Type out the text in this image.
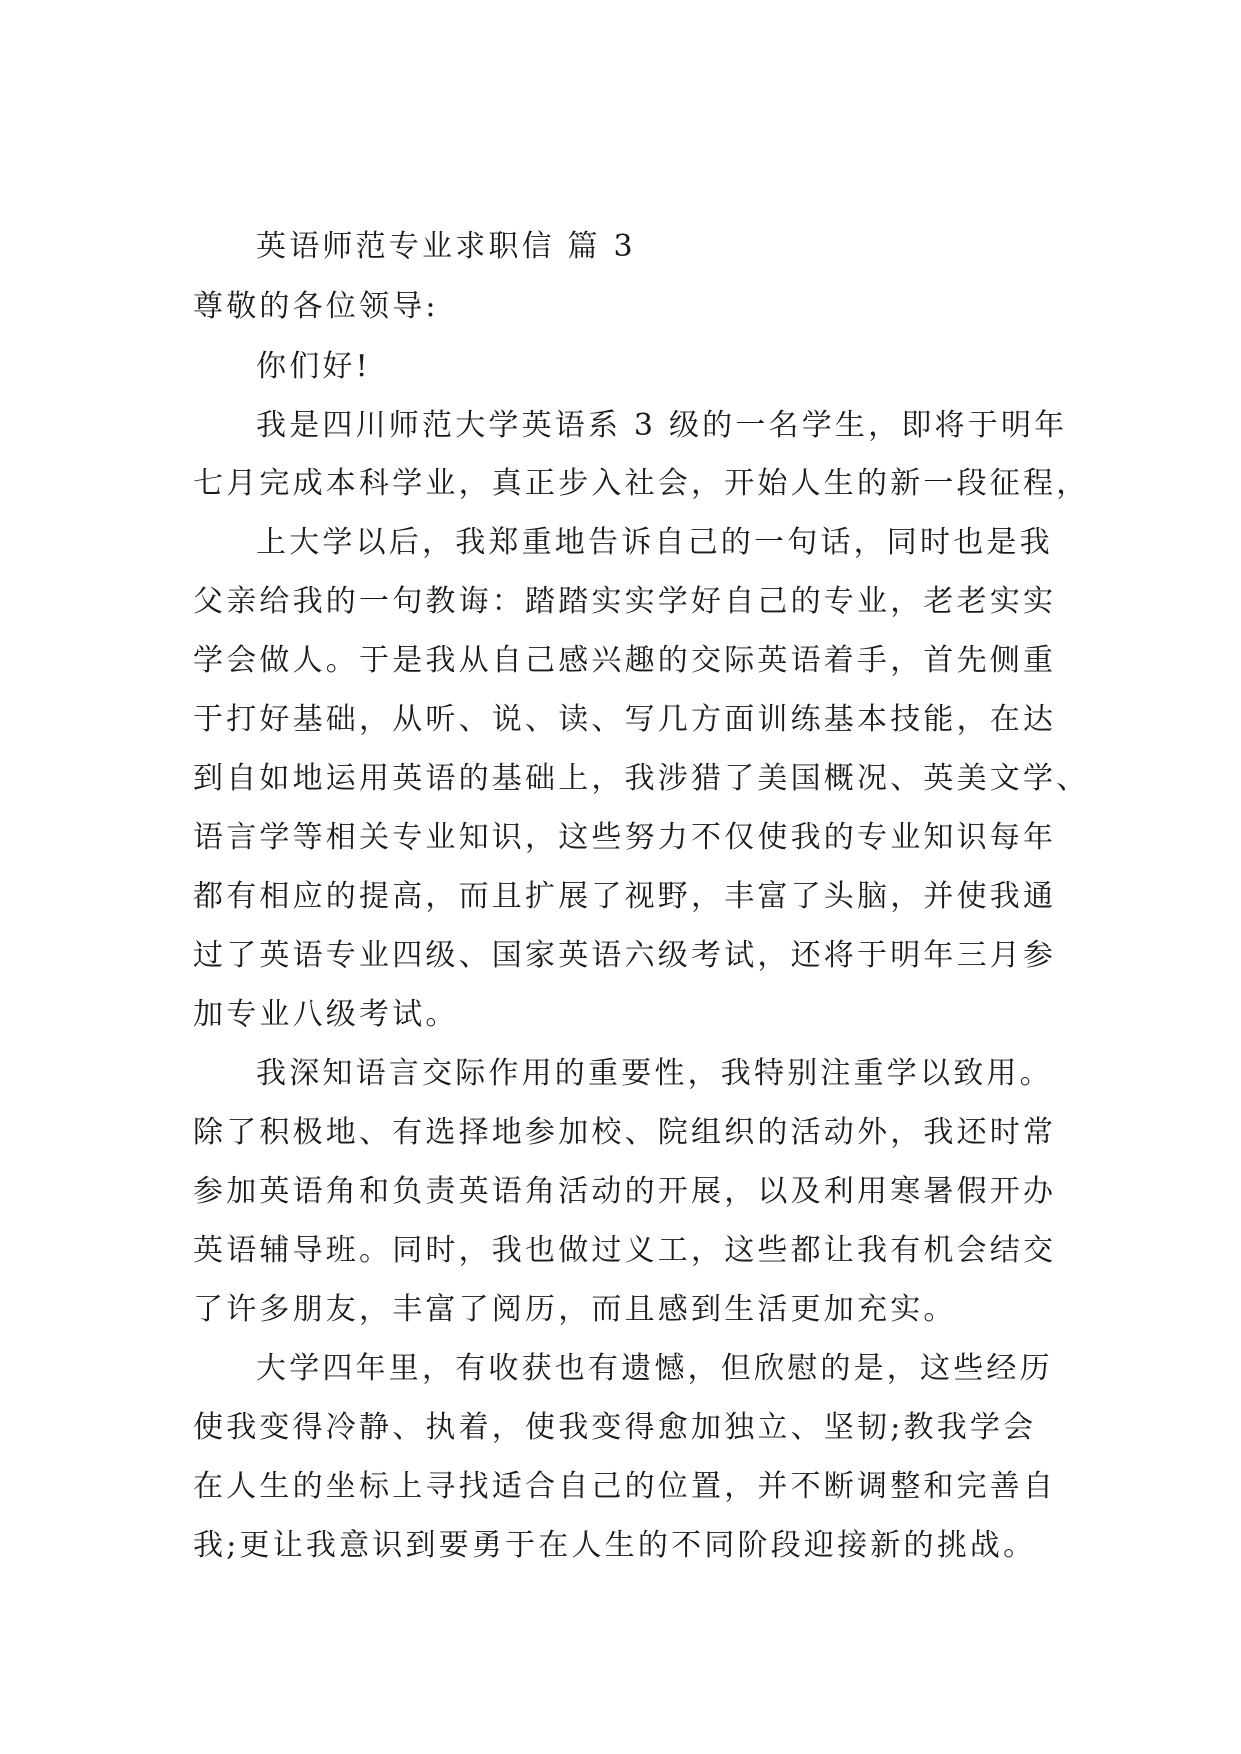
英语师范专业求职信 篇 3
尊敬的各位领导:
你们好!
我是四川师范大学英语系 3 级的一名学生，即将于明年
七月完成本科学业，真正步入社会，开始人生的新一段征程，
上大学以后，我郑重地告诉自己的一句话，同时也是我
父亲给我的一句教诲：踏踏实实学好自己的专业，老老实实
学会做人。于是我从自己感兴趣的交际英语着手，首先侧重
于打好基础，从听、说、读、写几方面训练基本技能，在达
到自如地运用英语的基础上，我涉猎了美国概况、英美文学、
语言学等相关专业知识，这些努力不仅使我的专业知识每年
都有相应的提高，而且扩展了视野，丰富了头脑，并使我通
过了英语专业四级、国家英语六级考试，还将于明年三月参
加专业八级考试。
我深知语言交际作用的重要性，我特别注重学以致用。
除了积极地、有选择地参加校、院组织的活动外，我还时常
参加英语角和负责英语角活动的开展，以及利用寒暑假开办
英语辅导班。同时，我也做过义工，这些都让我有机会结交
了许多朋友，丰富了阅历，而且感到生活更加充实。
大学四年里，有收获也有遗憾，但欣慰的是，这些经历
使我变得冷静、执着，使我变得愈加独立、坚韧;教我学会
在人生的坐标上寻找适合自己的位置，并不断调整和完善自
我;更让我意识到要勇于在人生的不同阶段迎接新的挑战。
